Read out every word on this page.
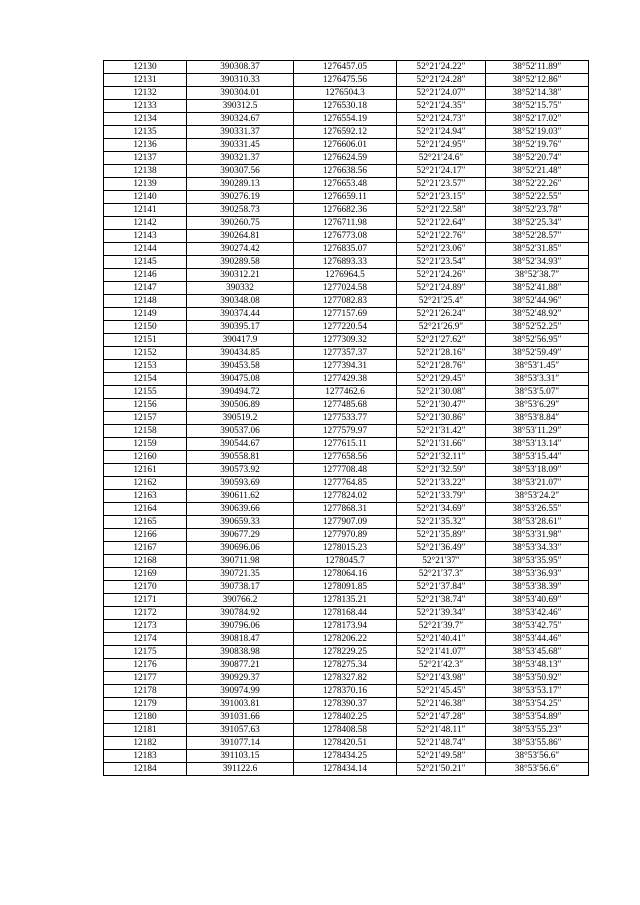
12130	390308.37	1276457.05	52°21′24.22″	38°52′11.89″
12131	390310.33	1276475.56	52°21′24.28″	38°52′12.86″
12132	390304.01	1276504.3	52°21′24.07″	38°52′14.38″
12133	390312.5	1276530.18	52°21′24.35″	38°52′15.75″
12134	390324.67	1276554.19	52°21′24.73″	38°52′17.02″
12135	390331.37	1276592.12	52°21′24.94″	38°52′19.03″
12136	390331.45	1276606.01	52°21′24.95″	38°52′19.76″
12137	390321.37	1276624.59	52°21′24.6″	38°52′20.74″
12138	390307.56	1276638.56	52°21′24.17″	38°52′21.48″
12139	390289.13	1276653.48	52°21′23.57″	38°52′22.26″
12140	390276.19	1276659.11	52°21′23.15″	38°52′22.55″
12141	390258.73	1276682.36	52°21′22.58″	38°52′23.78″
12142	390260.75	1276711.98	52°21′22.64″	38°52′25.34″
12143	390264.81	1276773.08	52°21′22.76″	38°52′28.57″
12144	390274.42	1276835.07	52°21′23.06″	38°52′31.85″
12145	390289.58	1276893.33	52°21′23.54″	38°52′34.93″
12146	390312.21	1276964.5	52°21′24.26″	38°52′38.7″
12147	390332	1277024.58	52°21′24.89″	38°52′41.88″
12148	390348.08	1277082.83	52°21′25.4″	38°52′44.96″
12149	390374.44	1277157.69	52°21′26.24″	38°52′48.92″
12150	390395.17	1277220.54	52°21′26.9″	38°52′52.25″
12151	390417.9	1277309.32	52°21′27.62″	38°52′56.95″
12152	390434.85	1277357.37	52°21′28.16″	38°52′59.49″
12153	390453.58	1277394.31	52°21′28.76″	38°53′1.45″
12154	390475.08	1277429.38	52°21′29.45″	38°53′3.31″
12155	390494.72	1277462.6	52°21′30.08″	38°53′5.07″
12156	390506.89	1277485.68	52°21′30.47″	38°53′6.29″
12157	390519.2	1277533.77	52°21′30.86″	38°53′8.84″
12158	390537.06	1277579.97	52°21′31.42″	38°53′11.29″
12159	390544.67	1277615.11	52°21′31.66″	38°53′13.14″
12160	390558.81	1277658.56	52°21′32.11″	38°53′15.44″
12161	390573.92	1277708.48	52°21′32.59″	38°53′18.09″
12162	390593.69	1277764.85	52°21′33.22″	38°53′21.07″
12163	390611.62	1277824.02	52°21′33.79″	38°53′24.2″
12164	390639.66	1277868.31	52°21′34.69″	38°53′26.55″
12165	390659.33	1277907.09	52°21′35.32″	38°53′28.61″
12166	390677.29	1277970.89	52°21′35.89″	38°53′31.98″
12167	390696.06	1278015.23	52°21′36.49″	38°53′34.33″
12168	390711.98	1278045.7	52°21′37″	38°53′35.95″
12169	390721.35	1278064.16	52°21′37.3″	38°53′36.93″
12170	390738.17	1278091.85	52°21′37.84″	38°53′38.39″
12171	390766.2	1278135.21	52°21′38.74″	38°53′40.69″
12172	390784.92	1278168.44	52°21′39.34″	38°53′42.46″
12173	390796.06	1278173.94	52°21′39.7″	38°53′42.75″
12174	390818.47	1278206.22	52°21′40.41″	38°53′44.46″
12175	390838.98	1278229.25	52°21′41.07″	38°53′45.68″
12176	390877.21	1278275.34	52°21′42.3″	38°53′48.13″
12177	390929.37	1278327.82	52°21′43.98″	38°53′50.92″
12178	390974.99	1278370.16	52°21′45.45″	38°53′53.17″
12179	391003.81	1278390.37	52°21′46.38″	38°53′54.25″
12180	391031.66	1278402.25	52°21′47.28″	38°53′54.89″
12181	391057.63	1278408.58	52°21′48.11″	38°53′55.23″
12182	391077.14	1278420.51	52°21′48.74″	38°53′55.86″
12183	391103.15	1278434.25	52°21′49.58″	38°53′56.6″
12184	391122.6	1278434.14	52°21′50.21″	38°53′56.6″
